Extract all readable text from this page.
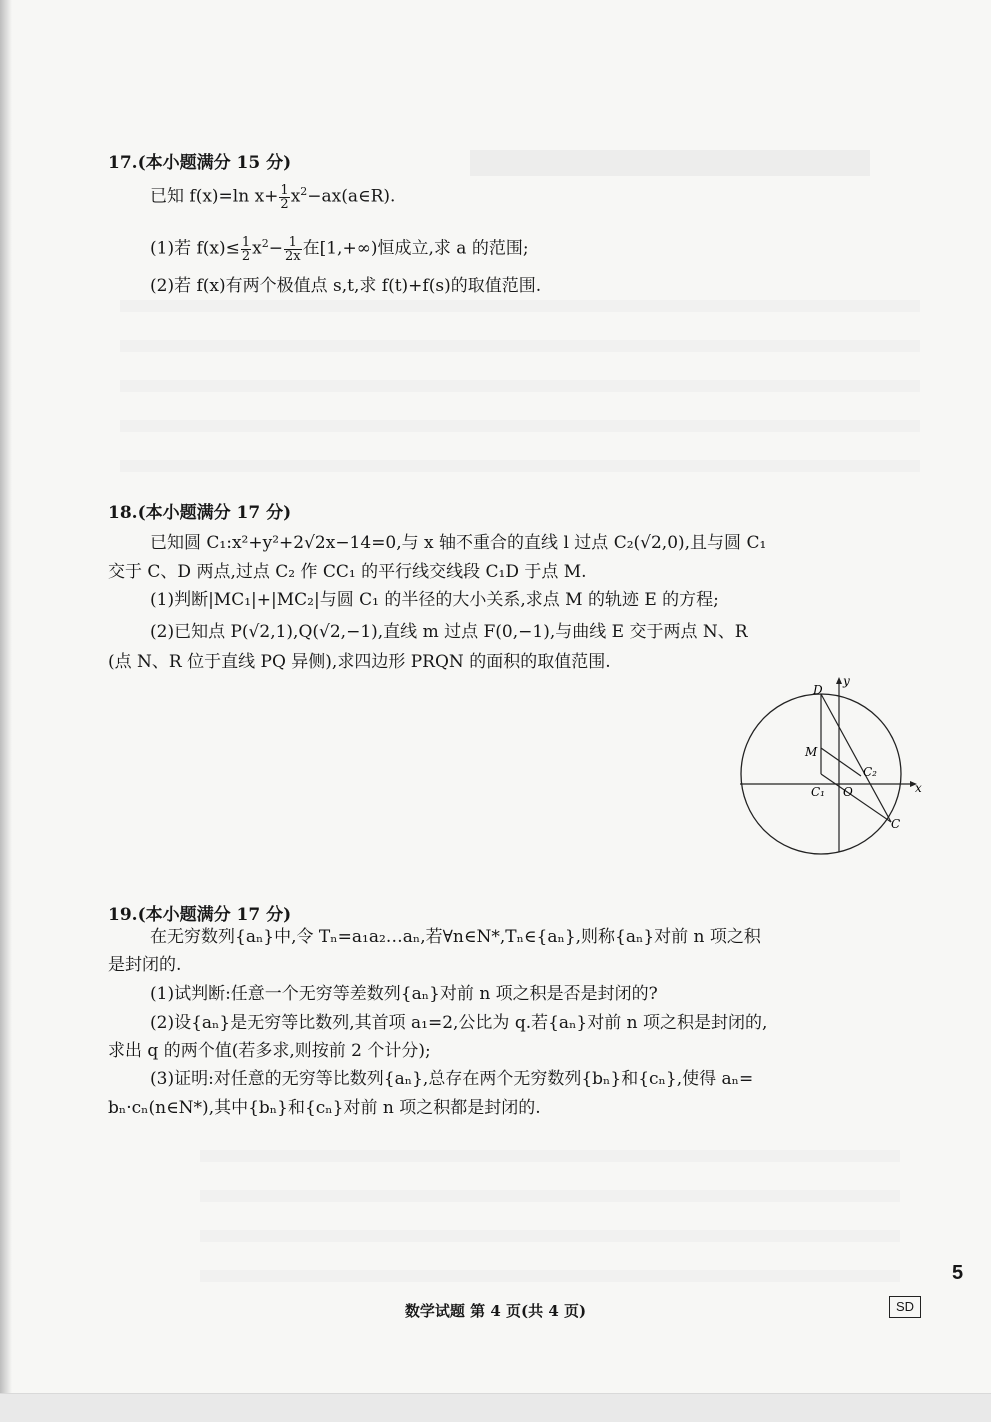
17.(本小题满分 15 分)
已知 f(x)=ln $x+ \frac{1}{2}$ $x^2-ax(a\in R)$.
(1)若 $f(x)\le \frac{1}{2} x^2- \frac{1}{2x}$ 在[1,+∞)恒成立,求 a 的范围;
(2)若 f(x)有两个极值点 s,t,求 f(t)+f(s)的取值范围.
18.(本小题满分 17 分)
已知圆 C₁:x²+y²+2√2x−14=0,与 x 轴不重合的直线 l 过点 C₂(√2,0),且与圆 C₁
交于 C、D 两点,过点 C₂ 作 CC₁ 的平行线交线段 C₁D 于点 M.
(1)判断|MC₁|+|MC₂|与圆 C₁ 的半径的大小关系,求点 M 的轨迹 E 的方程;
(2)已知点 P(√2,1),Q(√2,−1),直线 m 过点 F(0,−1),与曲线 E 交于两点 N、R
(点 N、R 位于直线 PQ 异侧),求四边形 PRQN 的面积的取值范围.
D
y
M
C₂
C₁ O	x
C
19.(本小题满分 17 分)
在无穷数列{aₙ}中,令 Tₙ=a₁a₂…aₙ,若∀n∈N*,Tₙ∈{aₙ},则称{aₙ}对前 n 项之积
是封闭的.
(1)试判断:任意一个无穷等差数列{aₙ}对前 n 项之积是否是封闭的?
(2)设{aₙ}是无穷等比数列,其首项 a₁=2,公比为 q.若{aₙ}对前 n 项之积是封闭的,
求出 q 的两个值(若多求,则按前 2 个计分);
(3)证明:对任意的无穷等比数列{aₙ},总存在两个无穷数列{bₙ}和{cₙ},使得 aₙ=
bₙ·cₙ(n∈N*),其中{bₙ}和{cₙ}对前 n 项之积都是封闭的.
5
数学试题 第 4 页(共 4 页)	SD
